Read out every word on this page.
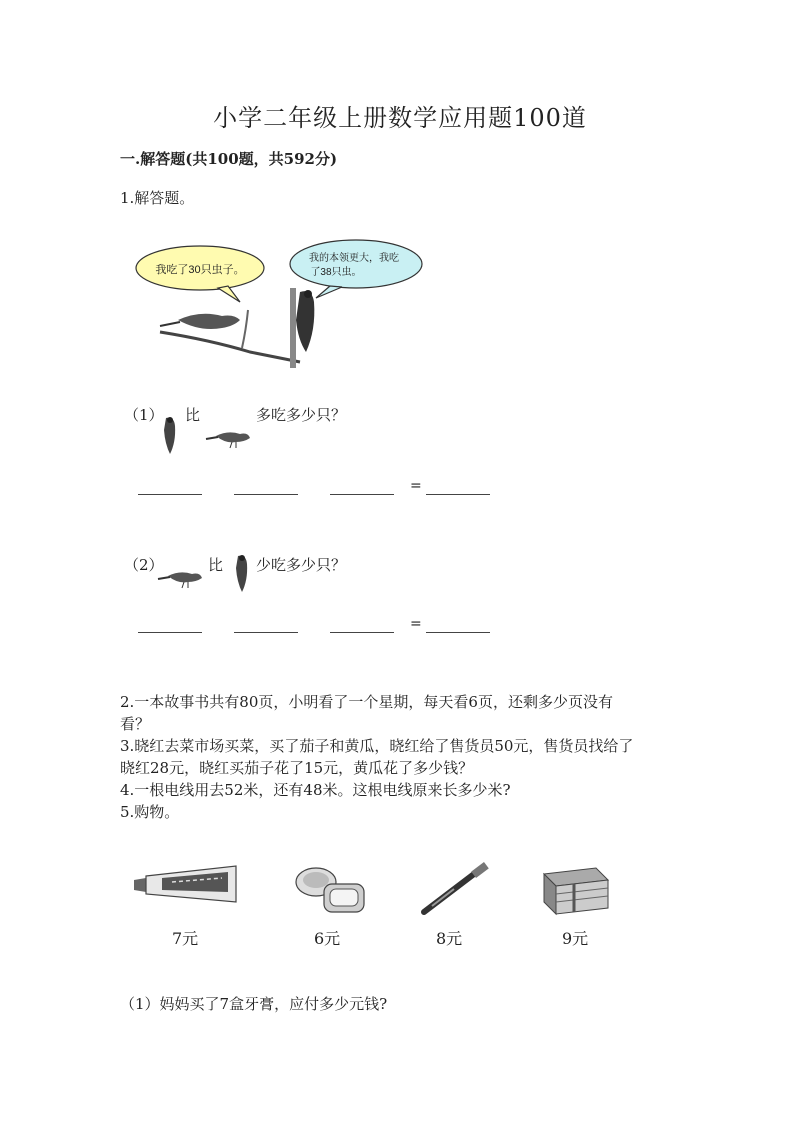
小学二年级上册数学应用题100道
一.解答题(共100题，共592分)
1.解答题。
我吃了30只虫子。
我的本领更大，我吃
了38只虫。
（1） 比	多吃多少只？
=
（2）	比 少吃多少只？
=
2.一本故事书共有80页，小明看了一个星期，每天看6页，还剩多少页没有
看？
3.晓红去菜市场买菜，买了茄子和黄瓜，晓红给了售货员50元，售货员找给了
晓红28元，晓红买茄子花了15元，黄瓜花了多少钱？
4.一根电线用去52米，还有48米。这根电线原来长多少米?
5.购物。
7元	6元	8元	9元
（1）妈妈买了7盒牙膏，应付多少元钱?
